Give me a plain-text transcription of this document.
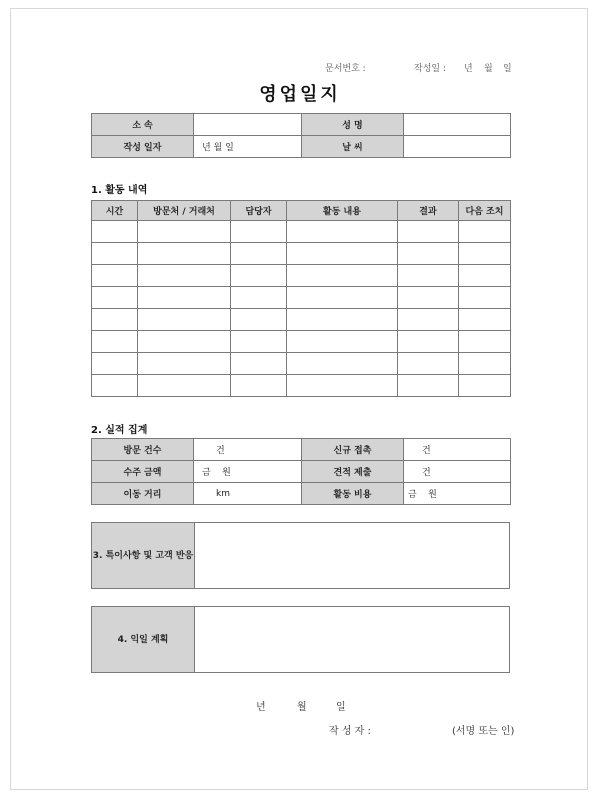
문서번호 :	작성일 : 년 월 일
영업일지
소 속		성 명	
작성 일자	년 월 일	날 씨	
1. 활동 내역
시간	방문처 / 거래처	담당자	활동 내용	결과	다음 조치

2. 실적 집계
방문 건수	건	신규 접촉	건
수주 금액	금    원	견적 제출	건
이동 거리	km	활동 비용	금    원
3. 특이사항 및 고객 반응
4. 익일 계획
년	월	일
작 성 자 :	(서명 또는 인)
